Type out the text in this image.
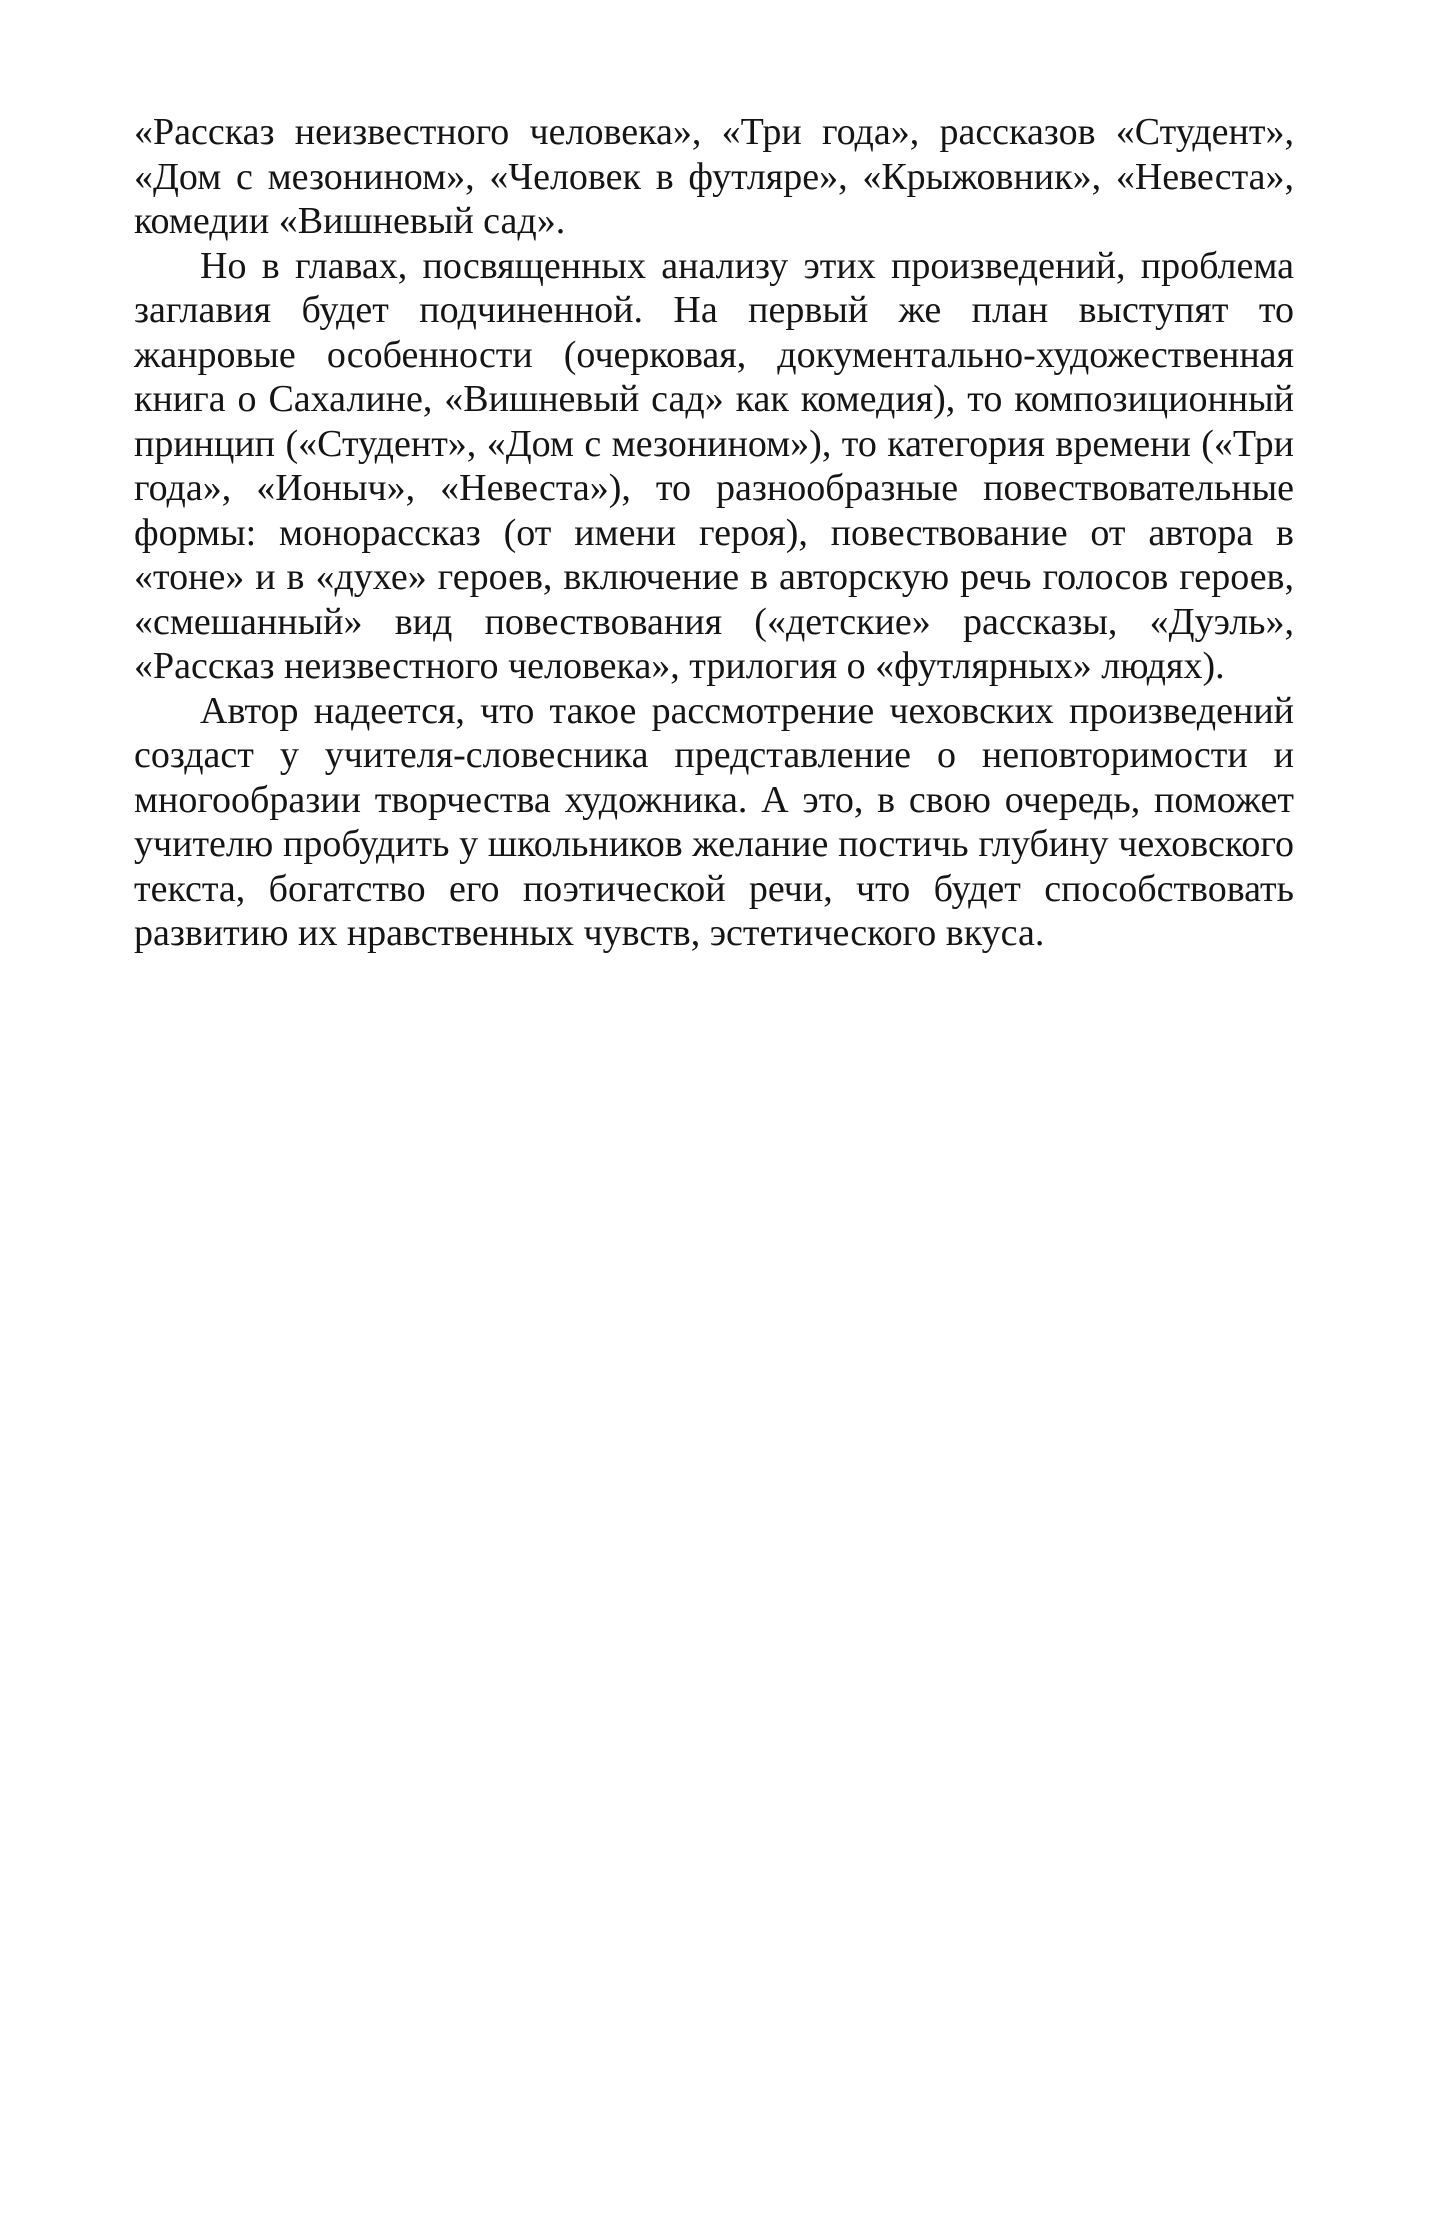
«Рассказ неизвестного человека», «Три года», рассказов «Студент», «Дом с мезонином», «Человек в футляре», «Крыжовник», «Невеста», комедии «Вишневый сад».

Но в главах, посвященных анализу этих произведений, проблема заглавия будет подчиненной. На первый же план выступят то жанровые особенности (очерковая, документально-художественная книга о Сахалине, «Вишневый сад» как комедия), то композиционный принцип («Студент», «Дом с мезонином»), то категория времени («Три года», «Ионыч», «Невеста»), то разнообразные повествовательные формы: монорассказ (от имени героя), повествование от автора в «тоне» и в «духе» героев, включение в авторскую речь голосов героев, «смешанный» вид повествования («детские» рассказы, «Дуэль», «Рассказ неизвестного человека», трилогия о «футлярных» людях).

Автор надеется, что такое рассмотрение чеховских произведений создаст у учителя-словесника представление о неповторимости и многообразии творчества художника. А это, в свою очередь, поможет учителю пробудить у школьников желание постичь глубину чеховского текста, богатство его поэтической речи, что будет способствовать развитию их нравственных чувств, эстетического вкуса.
